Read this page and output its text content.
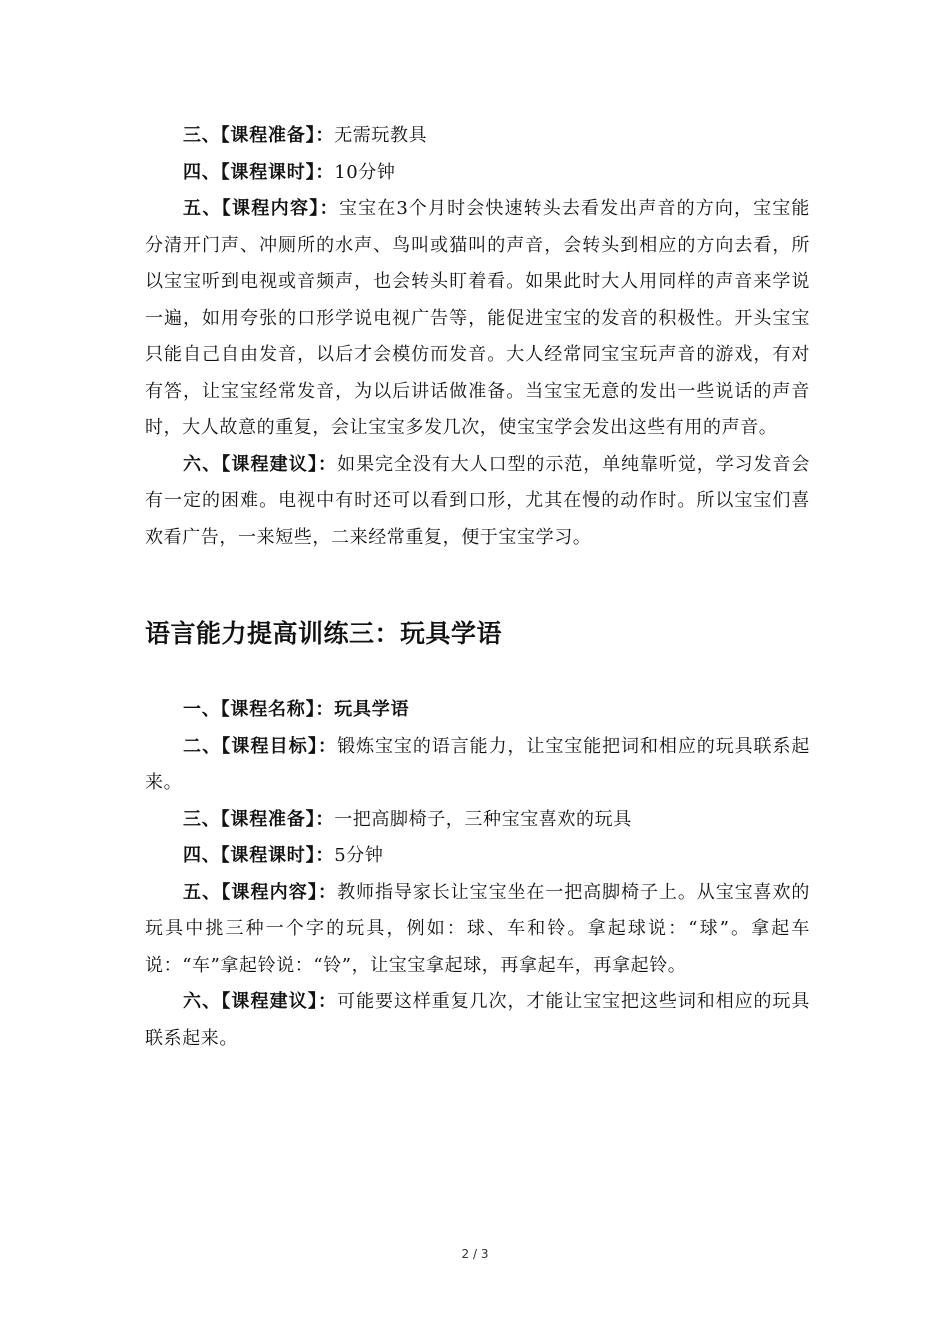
三、【课程准备】：无需玩教具

四、【课程课时】：10分钟

五、【课程内容】：宝宝在3个月时会快速转头去看发出声音的方向，宝宝能分清开门声、冲厕所的水声、鸟叫或猫叫的声音，会转头到相应的方向去看，所以宝宝听到电视或音频声，也会转头盯着看。如果此时大人用同样的声音来学说一遍，如用夸张的口形学说电视广告等，能促进宝宝的发音的积极性。开头宝宝只能自己自由发音，以后才会模仿而发音。大人经常同宝宝玩声音的游戏，有对有答，让宝宝经常发音，为以后讲话做准备。当宝宝无意的发出一些说话的声音时，大人故意的重复，会让宝宝多发几次，使宝宝学会发出这些有用的声音。

六、【课程建议】：如果完全没有大人口型的示范，单纯靠听觉，学习发音会有一定的困难。电视中有时还可以看到口形，尤其在慢的动作时。所以宝宝们喜欢看广告，一来短些，二来经常重复，便于宝宝学习。

语言能力提高训练三：玩具学语

一、【课程名称】：玩具学语

二、【课程目标】：锻炼宝宝的语言能力，让宝宝能把词和相应的玩具联系起来。

三、【课程准备】：一把高脚椅子，三种宝宝喜欢的玩具

四、【课程课时】：5分钟

五、【课程内容】：教师指导家长让宝宝坐在一把高脚椅子上。从宝宝喜欢的玩具中挑三种一个字的玩具，例如：球、车和铃。拿起球说：“球”。拿起车说：“车”拿起铃说：“铃”，让宝宝拿起球，再拿起车，再拿起铃。

六、【课程建议】：可能要这样重复几次，才能让宝宝把这些词和相应的玩具联系起来。

2 / 3
